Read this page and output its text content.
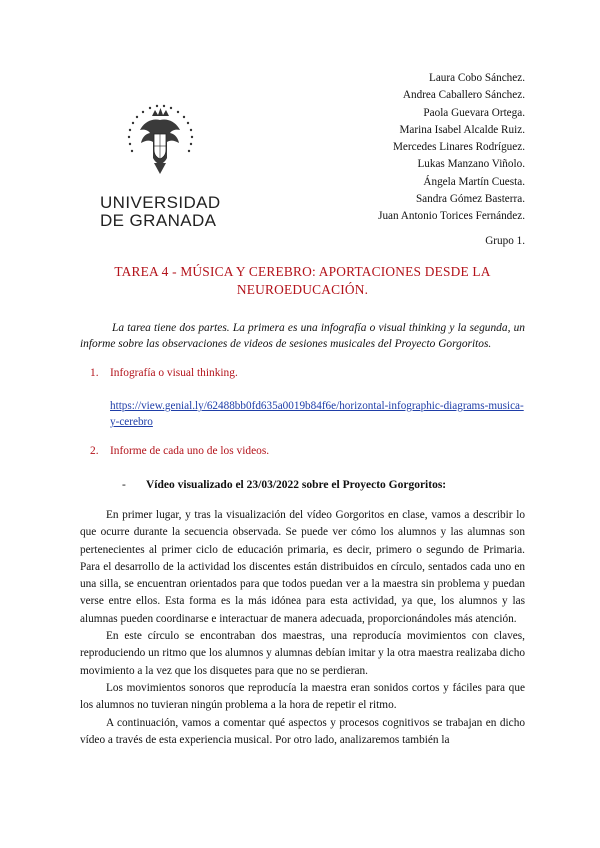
UNIVERSIDAD
DE GRANADA
Laura Cobo Sánchez.
Andrea Caballero Sánchez.
Paola Guevara Ortega.
Marina Isabel Alcalde Ruiz.
Mercedes Linares Rodríguez.
Lukas Manzano Viñolo.
Ángela Martín Cuesta.
Sandra Gómez Basterra.
Juan Antonio Torices Fernández.
Grupo 1.
TAREA 4 - MÚSICA Y CEREBRO: APORTACIONES DESDE LA NEUROEDUCACIÓN.
La tarea tiene dos partes. La primera es una infografía o visual thinking y la segunda, un informe sobre las observaciones de videos de sesiones musicales del Proyecto Gorgoritos.
1. Infografía o visual thinking.
https://view.genial.ly/62488bb0fd635a0019b84f6e/horizontal-infographic-diagrams-musica-y-cerebro
2. Informe de cada uno de los videos.
- Vídeo visualizado el 23/03/2022 sobre el Proyecto Gorgoritos:

En primer lugar, y tras la visualización del vídeo Gorgoritos en clase, vamos a describir lo que ocurre durante la secuencia observada. Se puede ver cómo los alumnos y las alumnas son pertenecientes al primer ciclo de educación primaria, es decir, primero o segundo de Primaria. Para el desarrollo de la actividad los discentes están distribuidos en círculo, sentados cada uno en una silla, se encuentran orientados para que todos puedan ver a la maestra sin problema y puedan verse entre ellos. Esta forma es la más idónea para esta actividad, ya que, los alumnos y las alumnas pueden coordinarse e interactuar de manera adecuada, proporcionándoles más atención.

En este círculo se encontraban dos maestras, una reproducía movimientos con claves, reproduciendo un ritmo que los alumnos y alumnas debían imitar y la otra maestra realizaba dicho movimiento a la vez que los disquetes para que no se perdieran.

Los movimientos sonoros que reproducía la maestra eran sonidos cortos y fáciles para que los alumnos no tuvieran ningún problema a la hora de repetir el ritmo.

A continuación, vamos a comentar qué aspectos y procesos cognitivos se trabajan en dicho vídeo a través de esta experiencia musical. Por otro lado, analizaremos también la
